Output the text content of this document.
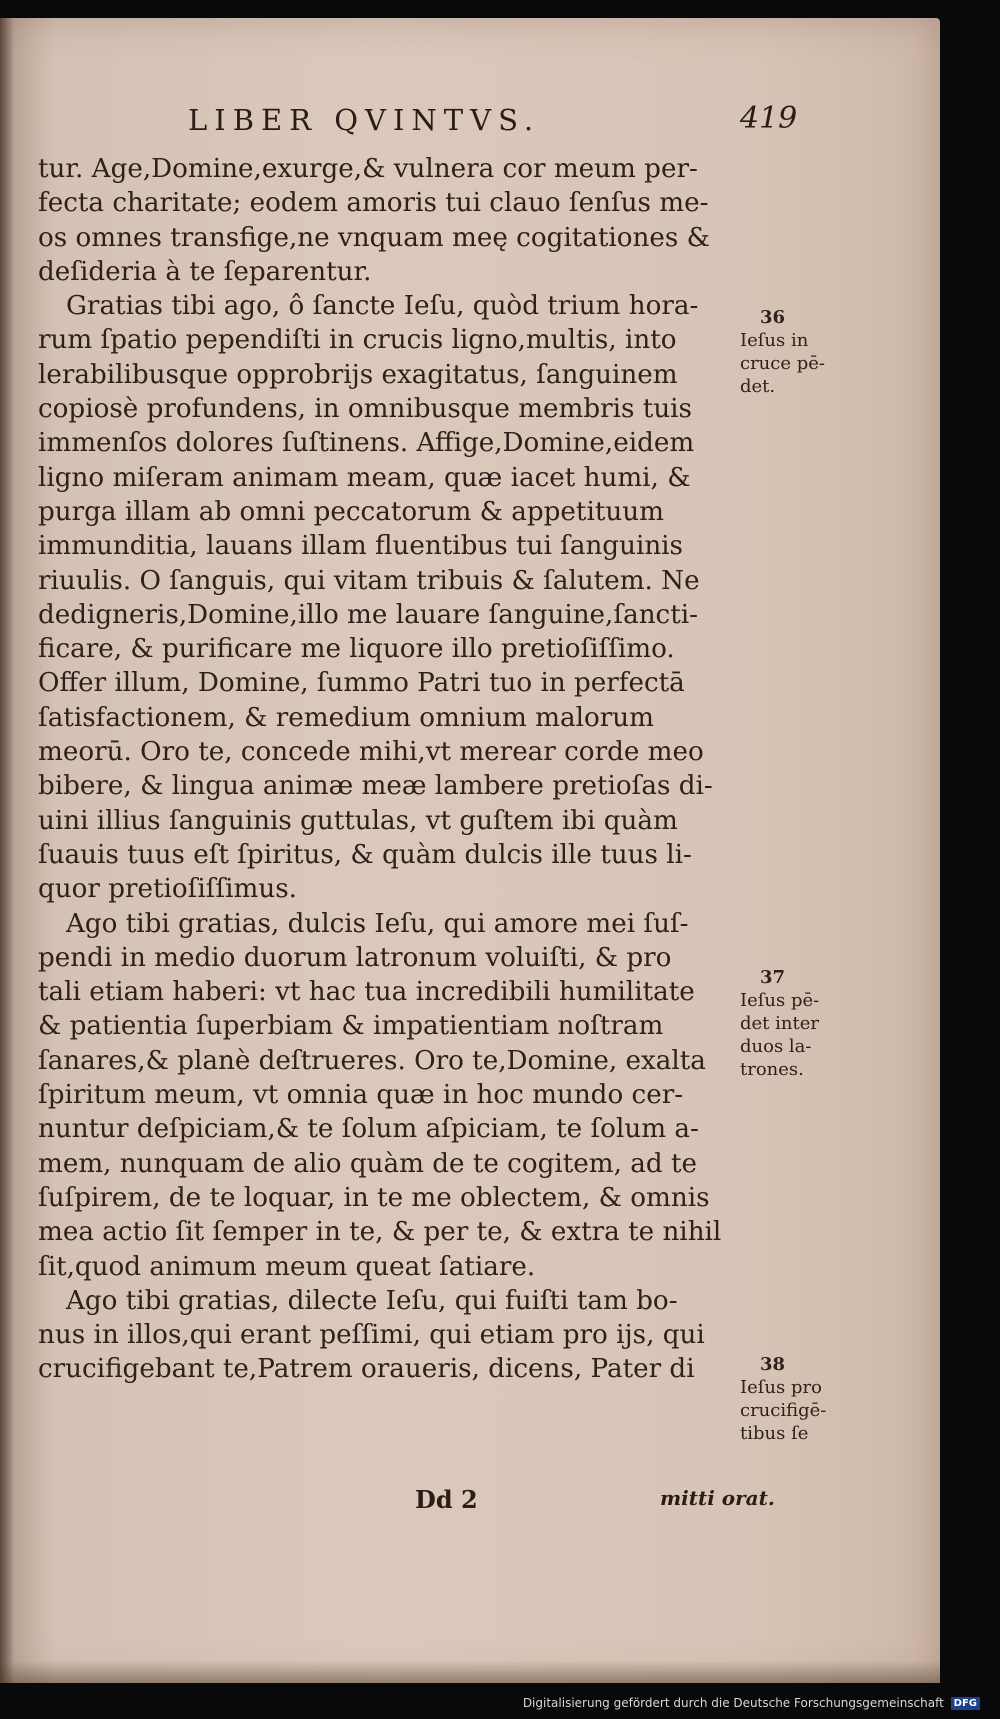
LIBER QVINTVS.	419
tur. Age,Domine,exurge,& vulnera cor meum per-
fecta charitate; eodem amoris tui clauo ſenſus me-
os omnes transfige,ne vnquam meę cogitationes &
deſideria à te ſeparentur.
Gratias tibi ago, ô ſancte Ieſu, quòd trium hora-
rum ſpatio pependiſti in crucis ligno,multis, into
lerabilibusque opprobrijs exagitatus, ſanguinem
copiosè profundens, in omnibusque membris tuis
immenſos dolores ſuſtinens. Affige,Domine,eidem
ligno miſeram animam meam, quæ iacet humi, &
purga illam ab omni peccatorum & appetituum
immunditia, lauans illam fluentibus tui ſanguinis
riuulis. O ſanguis, qui vitam tribuis & ſalutem. Ne
dedigneris,Domine,illo me lauare ſanguine,ſancti-
ficare, & purificare me liquore illo pretioſiſſimo.
Offer illum, Domine, ſummo Patri tuo in perfectā
ſatisfactionem, & remedium omnium malorum
meorū. Oro te, concede mihi,vt merear corde meo
bibere, & lingua animæ meæ lambere pretioſas di-
uini illius ſanguinis guttulas, vt guſtem ibi quàm
ſuauis tuus eſt ſpiritus, & quàm dulcis ille tuus li-
quor pretioſiſſimus.
Ago tibi gratias, dulcis Ieſu, qui amore mei ſuſ-
pendi in medio duorum latronum voluiſti, & pro
tali etiam haberi: vt hac tua incredibili humilitate
& patientia ſuperbiam & impatientiam noſtram
ſanares,& planè deſtrueres. Oro te,Domine, exalta
ſpiritum meum, vt omnia quæ in hoc mundo cer-
nuntur deſpiciam,& te ſolum aſpiciam, te ſolum a-
mem, nunquam de alio quàm de te cogitem, ad te
ſuſpirem, de te loquar, in te me oblectem, & omnis
mea actio ſit ſemper in te, & per te, & extra te nihil
ſit,quod animum meum queat ſatiare.
Ago tibi gratias, dilecte Ieſu, qui fuiſti tam bo-
nus in illos,qui erant peſſimi, qui etiam pro ijs, qui
crucifigebant te,Patrem oraueris, dicens, Pater di
36
Ieſus in
cruce pē-
det.
37
Ieſus pē-
det inter
duos la-
trones.
38
Ieſus pro
crucifigē-
tibus ſe
Dd 2	mitti orat.
Digitalisierung gefördert durch die Deutsche Forschungsgemeinschaft DFG
